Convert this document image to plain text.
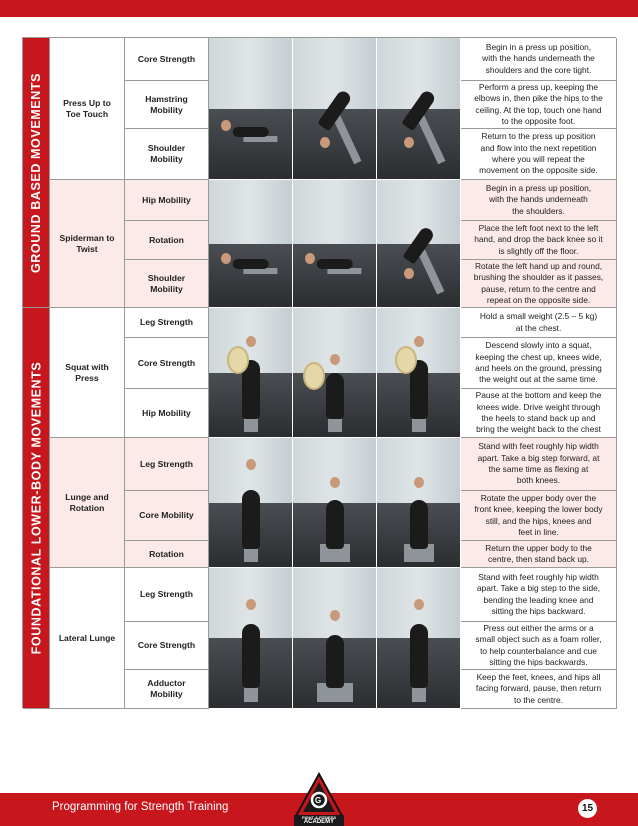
GROUND BASED MOVEMENTS
FOUNDATIONAL LOWER-BODY MOVEMENTS
Press Up to
Toe Touch
Spiderman to
Twist
Squat with
Press
Lunge and
Rotation
Lateral Lunge
Core Strength
Hamstring
Mobility
Shoulder
Mobility
Hip Mobility
Rotation
Shoulder
Mobility
Leg Strength
Core Strength
Hip Mobility
Leg Strength
Core Mobility
Rotation
Leg Strength
Core Strength
Adductor
Mobility
Begin in a press up position,
with the hands underneath the
shoulders and the core tight.
Perform a press up, keeping the
elbows in, then pike the hips to the
ceiling. At the top, touch one hand
to the opposite foot.
Return to the press up position
and flow into the next repetition
where you will repeat the
movement on the opposite side.
Begin in a press up position,
with the hands underneath
the shoulders.
Place the left foot next to the left
hand, and drop the back knee so it
is slightly off the floor.
Rotate the left hand up and round,
brushing the shoulder as it passes,
pause, return to the centre and
repeat on the opposite side.
Hold a small weight (2.5 – 5 kg)
at the chest.
Descend slowly into a squat,
keeping the chest up, knees wide,
and heels on the ground, pressing
the weight out at the same time.
Pause at the bottom and keep the
knees wide. Drive weight through
the heels to stand back up and
bring the weight back to the chest
Stand with feet roughly hip width
apart. Take a big step forward, at
the same time as flexing at
both knees.
Rotate the upper body over the
front knee, keeping the lower body
still, and the hips, knees and
feet in line.
Return the upper body to the
centre, then stand back up.
Stand with feet roughly hip width
apart. Take a big step to the side,
bending the leading knee and
sitting the hips backward.
Press out either the arms or a
small object such as a foam roller,
to help counterbalance and cue
sitting the hips backwards.
Keep the feet, knees, and hips all
facing forward, pause, then return
to the centre.
Programming for Strength Training
G
FIGHT & FITNESS
ACADEMY
15
